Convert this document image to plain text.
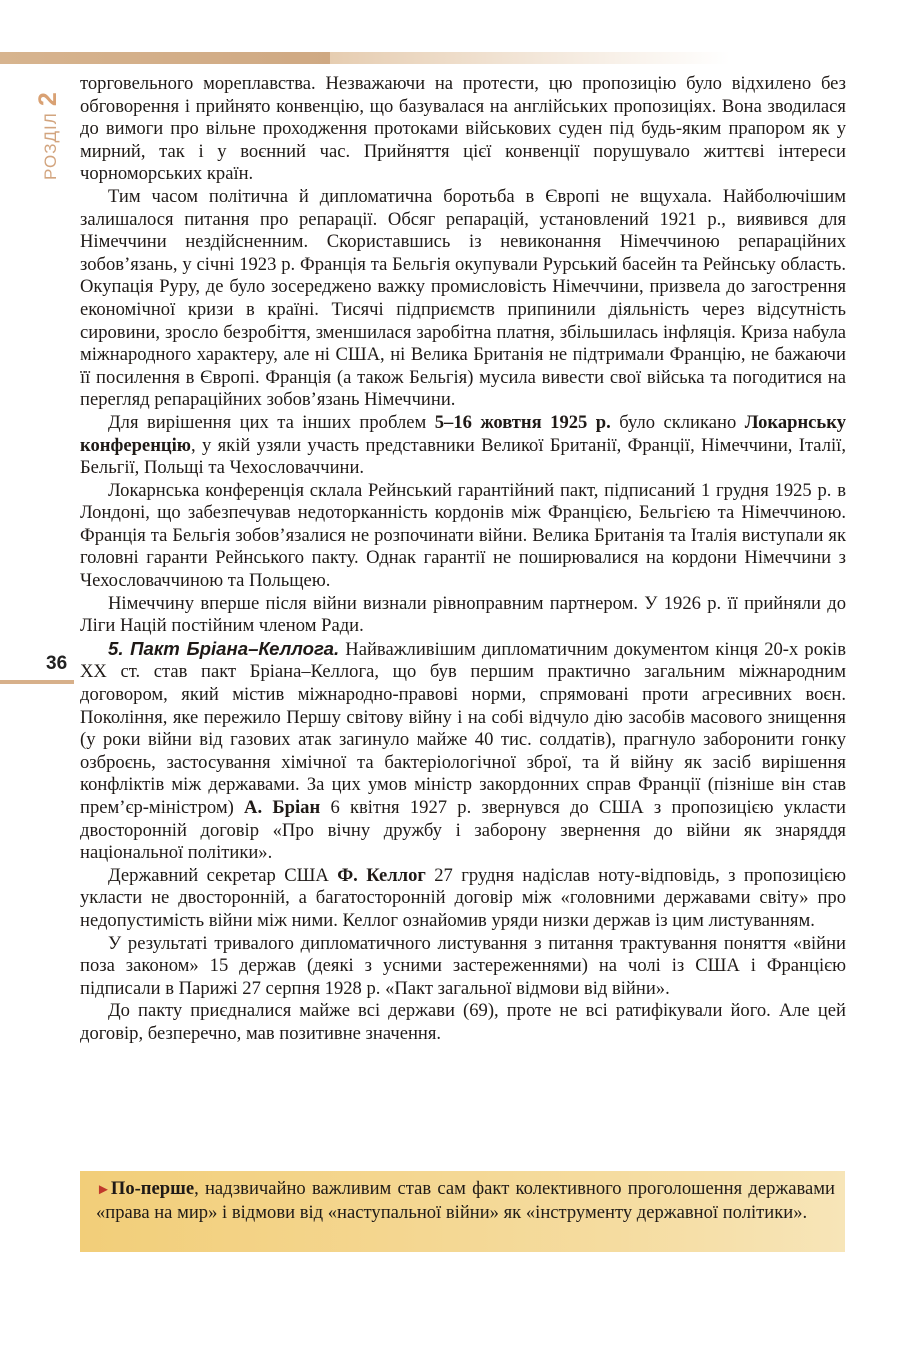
РОЗДІЛ2
36

торговельного мореплавства. Незважаючи на протести, цю пропозицію було відхилено без обговорення і прийнято конвенцію, що базувалася на англійських пропозиціях. Вона зводилася до вимоги про вільне проходження протоками військових суден під будь-яким прапором як у мирний, так і у воєнний час. Прийняття цієї конвенції порушувало життєві інтереси чорноморських країн.

Тим часом політична й дипломатична боротьба в Європі не вщухала. Найболючішим залишалося питання про репарації. Обсяг репарацій, установлений 1921 р., виявився для Німеччини нездійсненним. Скориставшись із невиконання Німеччиною репараційних зобов’язань, у січні 1923 р. Франція та Бельгія окупували Рурський басейн та Рейнську область. Окупація Руру, де було зосереджено важку промисловість Німеччини, призвела до загострення економічної кризи в країні. Тисячі підприємств припинили діяльність через відсутність сировини, зросло безробіття, зменшилася заробітна платня, збільшилась інфляція. Криза набула міжнародного характеру, але ні США, ні Велика Британія не підтримали Францію, не бажаючи її посилення в Європі. Франція (а також Бельгія) мусила вивести свої війська та погодитися на перегляд репараційних зобов’язань Німеччини.

Для вирішення цих та інших проблем 5–16 жовтня 1925 р. було скликано Локарнську конференцію, у якій узяли участь представники Великої Британії, Франції, Німеччини, Італії, Бельгії, Польщі та Чехословаччини.

Локарнська конференція склала Рейнський гарантійний пакт, підписаний 1 грудня 1925 р. в Лондоні, що забезпечував недоторканність кордонів між Францією, Бельгією та Німеччиною. Франція та Бельгія зобов’язалися не розпочинати війни. Велика Британія та Італія виступали як головні гаранти Рейнського пакту. Однак гарантії не поширювалися на кордони Німеччини з Чехословаччиною та Польщею.

Німеччину вперше після війни визнали рівноправним партнером. У 1926 р. її прийняли до Ліги Націй постійним членом Ради.

5. Пакт Бріана–Келлога. Найважливішим дипломатичним документом кінця 20-х років XX ст. став пакт Бріана–Келлога, що був першим практично загальним міжнародним договором, який містив міжнародно-правові норми, спрямовані проти агресивних воєн. Покоління, яке пережило Першу світову війну і на собі відчуло дію засобів масового знищення (у роки війни від газових атак загинуло майже 40 тис. солдатів), прагнуло заборонити гонку озброєнь, застосування хімічної та бактеріологічної зброї, та й війну як засіб вирішення конфліктів між державами. За цих умов міністр закордонних справ Франції (пізніше він став прем’єр-міністром) А. Бріан 6 квітня 1927 р. звернувся до США з пропозицією укласти двосторонній договір «Про вічну дружбу і заборону звернення до війни як знаряддя національної політики».

Державний секретар США Ф. Келлог 27 грудня надіслав ноту-відповідь, з пропозицією укласти не двосторонній, а багатосторонній договір між «головними державами світу» про недопустимість війни між ними. Келлог ознайомив уряди низки держав із цим листуванням.

У результаті тривалого дипломатичного листування з питання трактування поняття «війни поза законом» 15 держав (деякі з усними застереженнями) на чолі із США і Францією підписали в Парижі 27 серпня 1928 р. «Пакт загальної відмови від війни».

До пакту приєдналися майже всі держави (69), проте не всі ратифікували його. Але цей договір, безперечно, мав позитивне значення.

►По-перше, надзвичайно важливим став сам факт колективного проголошення державами «права на мир» і відмови від «наступальної війни» як «інструменту державної політики».
